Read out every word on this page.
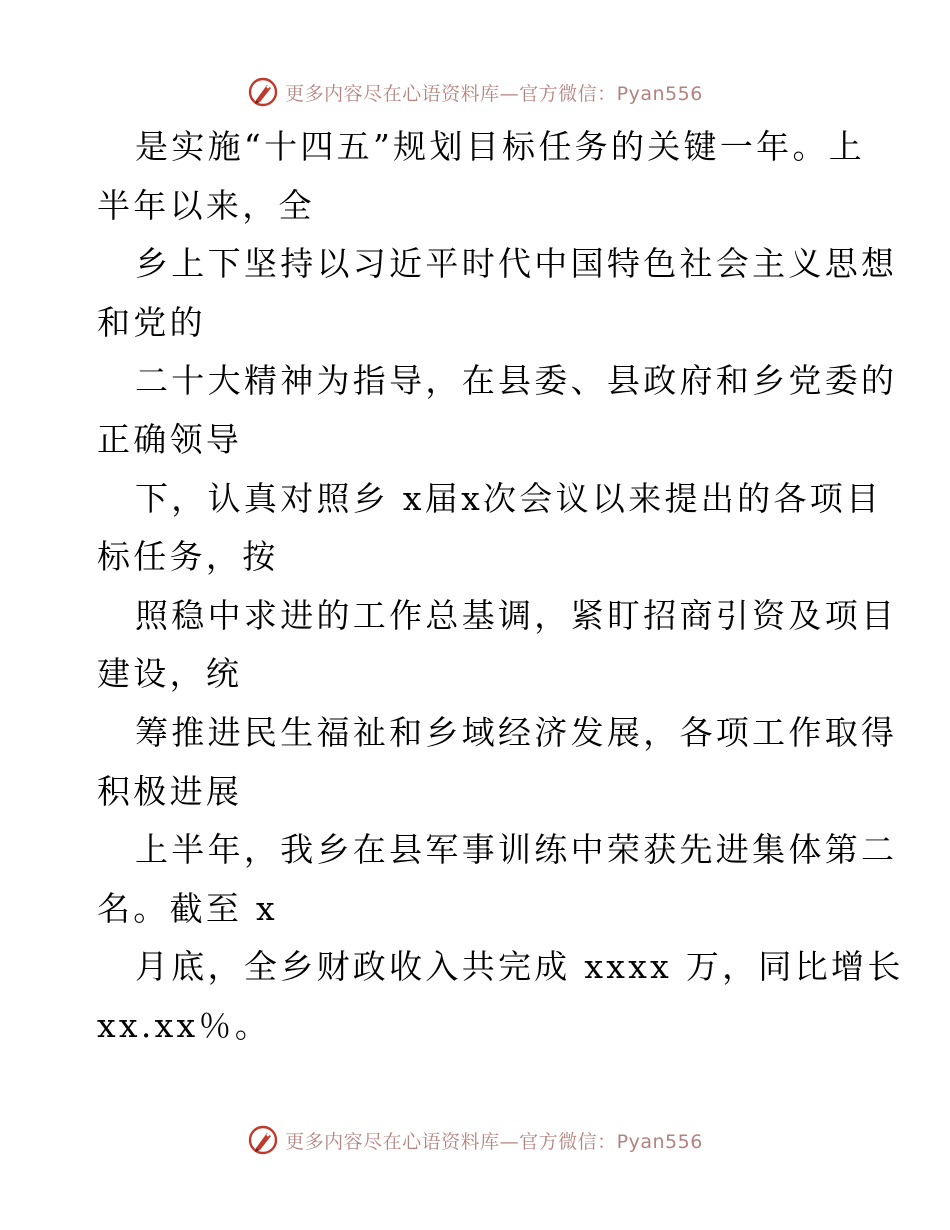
更多内容尽在心语资料库—官方微信：Pyan556
是实施“十四五”规划目标任务的关键一年。上
半年以来，全
乡上下坚持以习近平时代中国特色社会主义思想
和党的
二十大精神为指导，在县委、县政府和乡党委的
正确领导
下，认真对照乡 x届x次会议以来提出的各项目
标任务，按
照稳中求进的工作总基调，紧盯招商引资及项目
建设，统
筹推进民生福祉和乡域经济发展，各项工作取得
积极进展
上半年，我乡在县军事训练中荣获先进集体第二
名。截至 x
月底，全乡财政收入共完成 xxxx 万，同比增长
xx.xx％。
更多内容尽在心语资料库—官方微信：Pyan556
